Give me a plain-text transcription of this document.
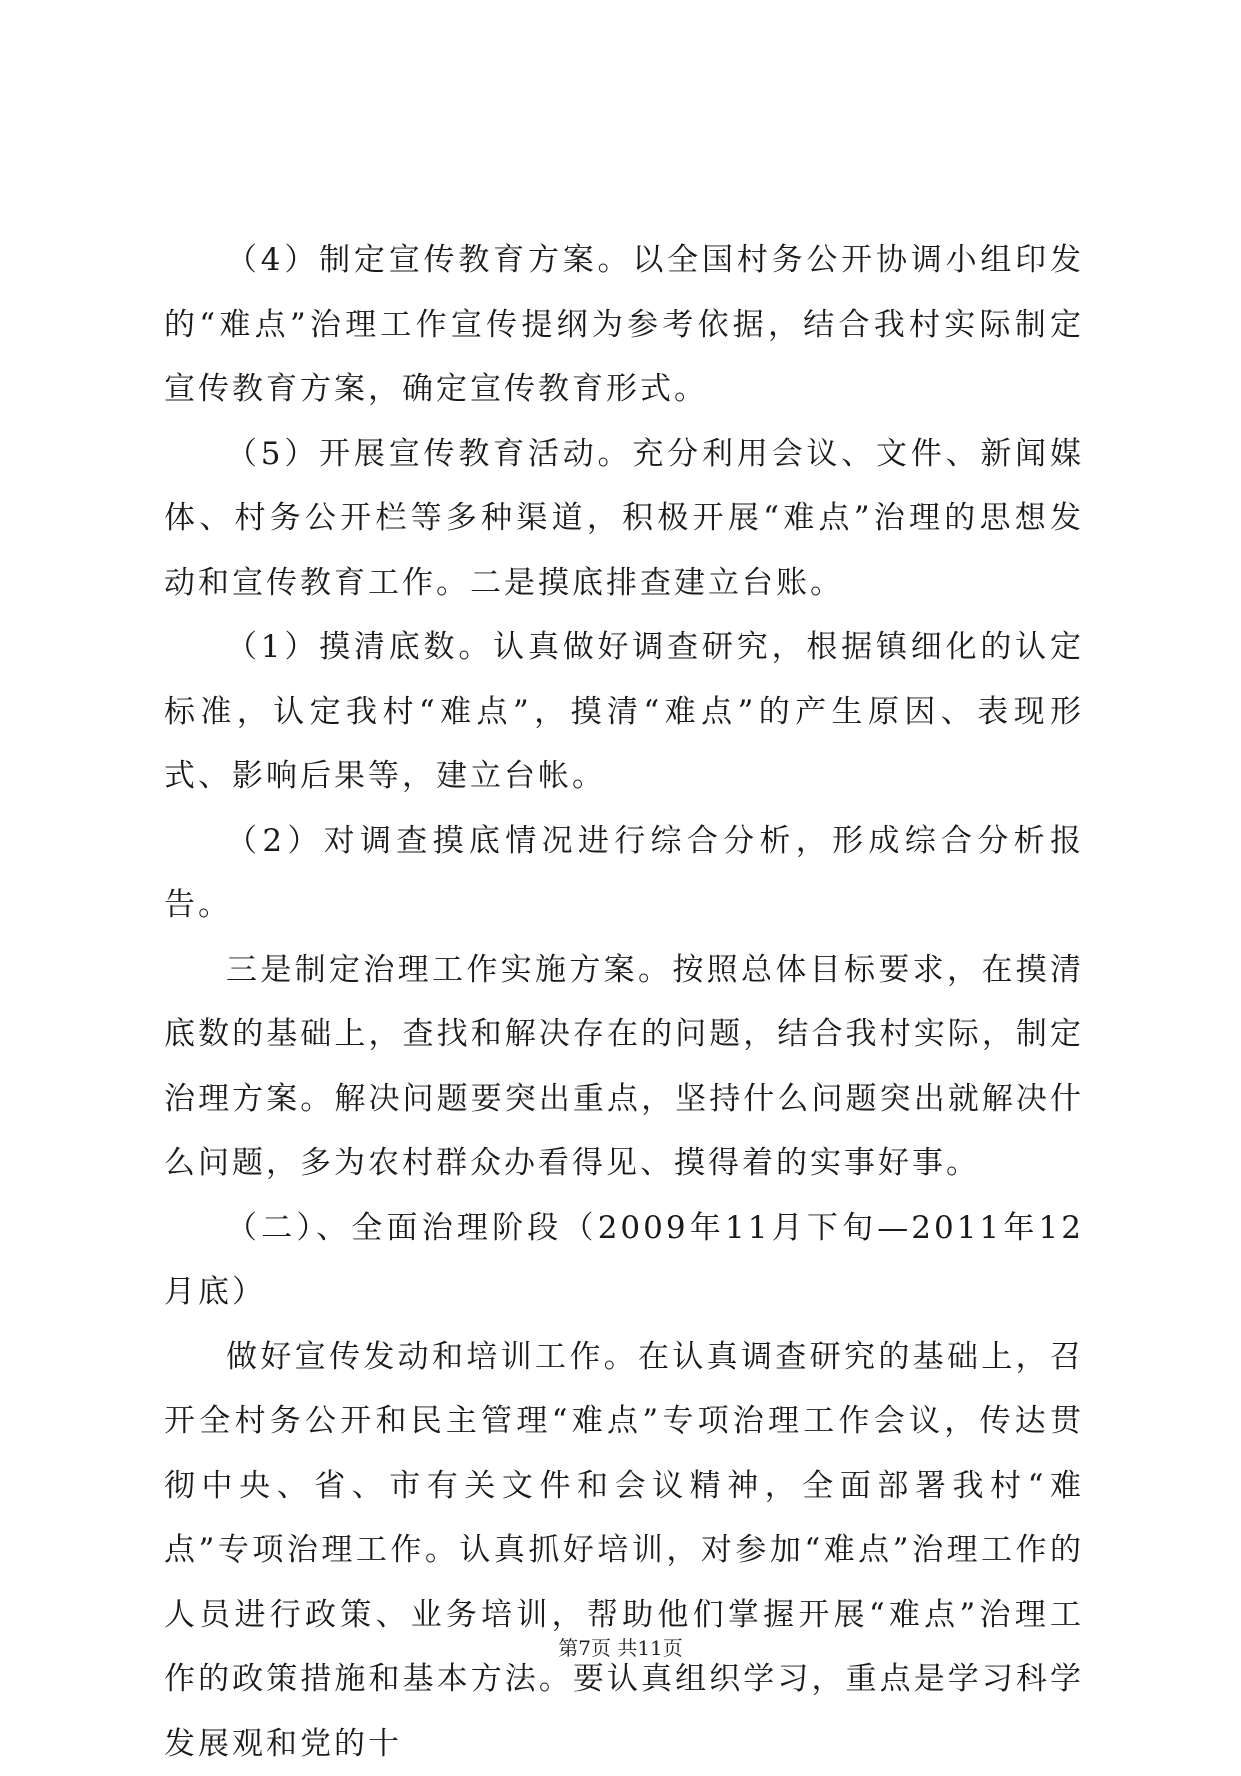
（4）制定宣传教育方案。以全国村务公开协调小组印发的“难点”治理工作宣传提纲为参考依据，结合我村实际制定宣传教育方案，确定宣传教育形式。

（5）开展宣传教育活动。充分利用会议、文件、新闻媒体、村务公开栏等多种渠道，积极开展“难点”治理的思想发动和宣传教育工作。二是摸底排查建立台账。

（1）摸清底数。认真做好调查研究，根据镇细化的认定标准，认定我村“难点”，摸清“难点”的产生原因、表现形式、影响后果等，建立台帐。

（2）对调查摸底情况进行综合分析，形成综合分析报告。

三是制定治理工作实施方案。按照总体目标要求，在摸清底数的基础上，查找和解决存在的问题，结合我村实际，制定治理方案。解决问题要突出重点，坚持什么问题突出就解决什么问题，多为农村群众办看得见、摸得着的实事好事。

（二）、全面治理阶段（2009年11月下旬—2011年12月底）

做好宣传发动和培训工作。在认真调查研究的基础上，召开全村务公开和民主管理“难点”专项治理工作会议，传达贯彻中央、省、市有关文件和会议精神，全面部署我村“难点”专项治理工作。认真抓好培训，对参加“难点”治理工作的人员进行政策、业务培训，帮助他们掌握开展“难点”治理工作的政策措施和基本方法。要认真组织学习，重点是学习科学发展观和党的十

第7页 共11页
